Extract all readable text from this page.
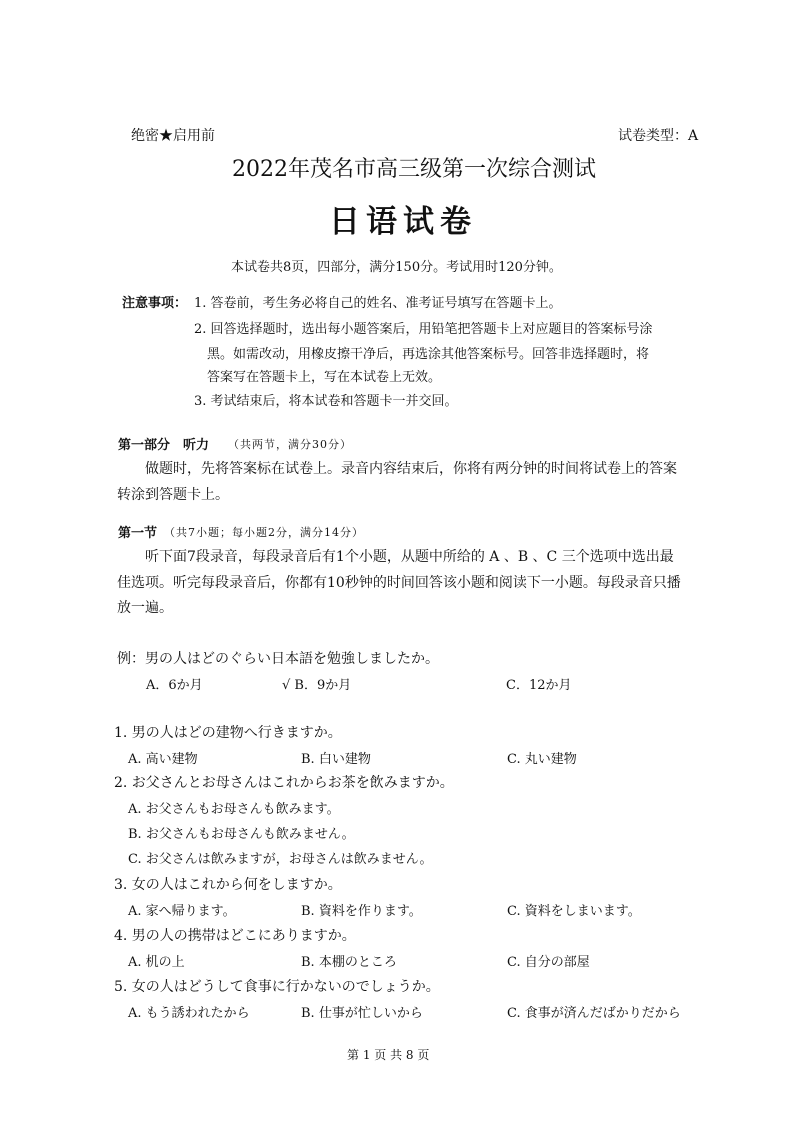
绝密★启用前	试卷类型：A
2022年茂名市高三级第一次综合测试
日语试卷
本试卷共8页，四部分，满分150分。考试用时120分钟。
注意事项： 1. 答卷前，考生务必将自己的姓名、准考证号填写在答题卡上。
2. 回答选择题时，选出每小题答案后，用铅笔把答题卡上对应题目的答案标号涂
黑。如需改动，用橡皮擦干净后，再选涂其他答案标号。回答非选择题时，将
答案写在答题卡上，写在本试卷上无效。
3. 考试结束后，将本试卷和答题卡一并交回。
第一部分　听力 （共两节，满分30分）
做题时，先将答案标在试卷上。录音内容结束后，你将有两分钟的时间将试卷上的答案
转涂到答题卡上。
第一节 （共7小题；每小题2分，满分14分）
听下面7段录音，每段录音后有1个小题，从题中所给的 A 、B 、C 三个选项中选出最
佳选项。听完每段录音后，你都有10秒钟的时间回答该小题和阅读下一小题。每段录音只播
放一遍。
例：男の人はどのぐらい日本語を勉強しましたか。
A．6か月	√ B．9か月	C．12か月
1. 男の人はどの建物へ行きますか。
A. 高い建物	B. 白い建物	C. 丸い建物
2. お父さんとお母さんはこれからお茶を飲みますか。
A. お父さんもお母さんも飲みます。
B. お父さんもお母さんも飲みません。
C. お父さんは飲みますが，お母さんは飲みません。
3. 女の人はこれから何をしますか。
A. 家へ帰ります。	B. 資料を作ります。	C. 資料をしまいます。
4. 男の人の携帯はどこにありますか。
A. 机の上	B. 本棚のところ	C. 自分の部屋
5. 女の人はどうして食事に行かないのでしょうか。
A. もう誘われたから	B. 仕事が忙しいから	C. 食事が済んだばかりだから
第 1 页 共 8 页
